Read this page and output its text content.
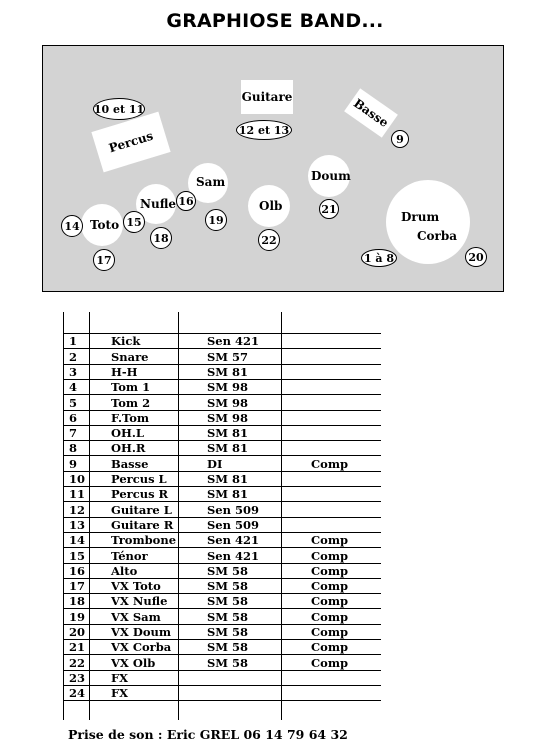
GRAPHIOSE BAND...
Percus
Guitare	Basse
Sam
Nufle
Toto
Olb
Doum
Drum
Corba
10 et 11
12 et 13
9
16
14	15	19
21
18	22
17	1 à 8	20
1	Kick	Sen 421
2	Snare	SM 57
3	H-H	SM 81
4	Tom 1	SM 98
5	Tom 2	SM 98
6	F.Tom	SM 98
7	OH.L	SM 81
8	OH.R	SM 81
9	Basse	DI	Comp
10 Percus L	SM 81
11 Percus R	SM 81
12 Guitare L	Sen 509
13 Guitare R	Sen 509
14 Trombone	Sen 421	Comp
15 Ténor	Sen 421	Comp
16 Alto	SM 58	Comp
17 VX Toto	SM 58	Comp
18 VX Nufle	SM 58	Comp
19 VX Sam	SM 58	Comp
20 VX Doum	SM 58	Comp
21 VX Corba	SM 58	Comp
22 VX Olb	SM 58	Comp
23 FX
24 FX
Prise de son : Eric GREL 06 14 79 64 32
